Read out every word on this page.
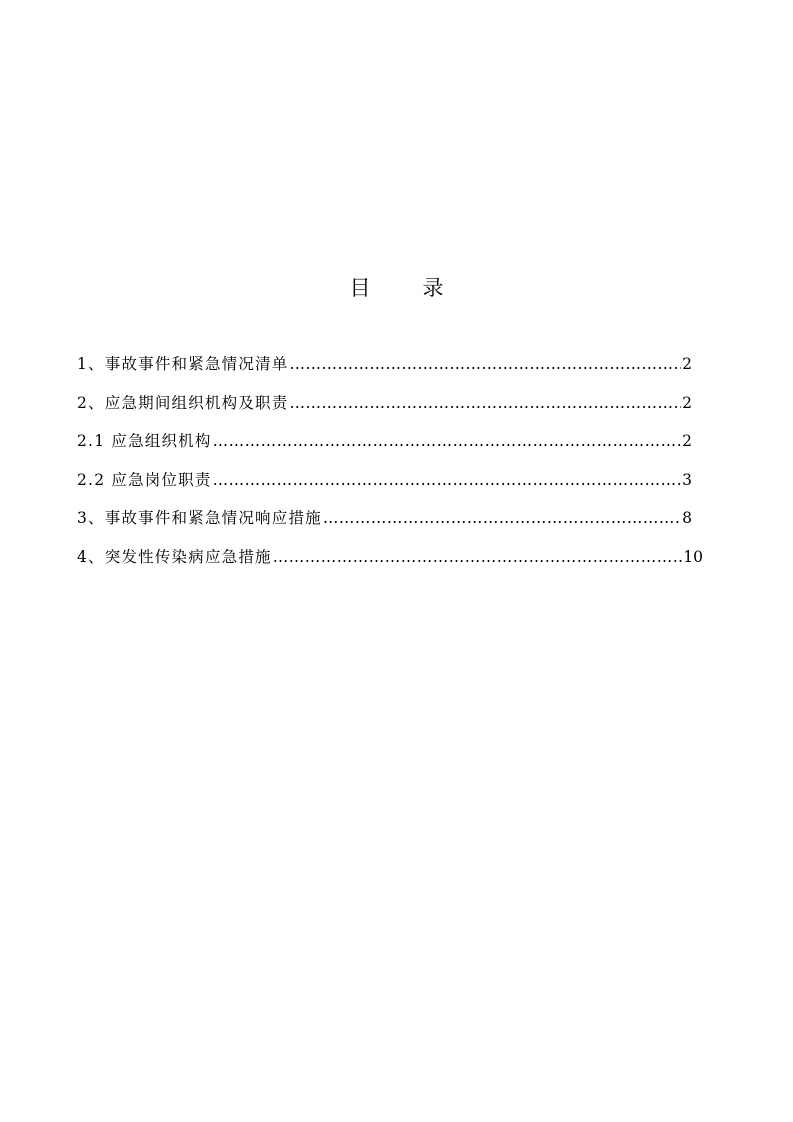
目 录
1、事故事件和紧急情况清单 …………………………………………………………………………………………………………………………………………	2
2、应急期间组织机构及职责 …………………………………………………………………………………………………………………………………………	2
2.1 应急组织机构 …………………………………………………………………………………………………………………………………………	2
2.2 应急岗位职责 …………………………………………………………………………………………………………………………………………	3
3、事故事件和紧急情况响应措施 …………………………………………………………………………………………………………………………………………	8
4、突发性传染病应急措施 …………………………………………………………………………………………………………………………………………	10
